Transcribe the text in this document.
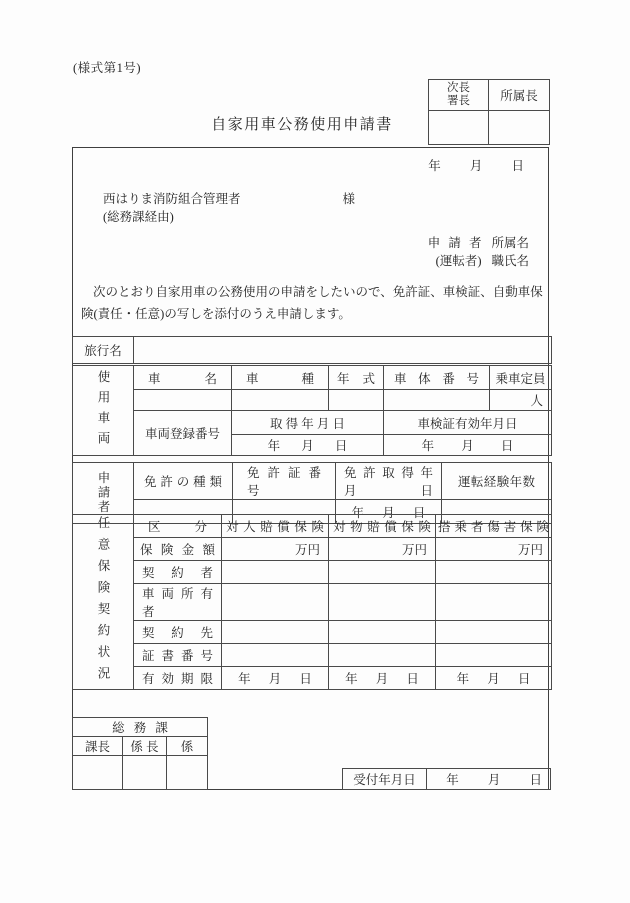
(様式第1号)
次長
署長	所属長

自家用車公務使用申請書
年 月 日
西はりま消防組合管理者	様
(総務課経由)
申 請 者 所属名
(運転者) 職氏名
次のとおり自家用車の公務使用の申請をしたいので、免許証、車検証、自動車保
険(責任・任意)の写しを添付のうえ申請します。
旅行名	
使用車両	車 名	車 種	年 式	車 体 番 号	乗車定員
					人
	車両登録番号	取 得 年 月 日		車検証有効年月日	
		年 月 日		年 月 日	
申請者	免 許 の 種 類	免 許 証 番 号	免 許 取 得 年 月 日	運転経験年数
			年 月 日	
任意保険契約状況	区 分	対 人 賠 償 保 険	対 物 賠 償 保 険	搭 乗 者 傷 害 保 険
	保 険 金 額	万円	万円	万円
	契 約 者			
	車 両 所 有 者			
	契 約 先			
	証 書 番 号			
	有 効 期 限	年 月 日	年 月 日	年 月 日
総 務 課		
課長	係 長	係

受付年月日	年 月 日
